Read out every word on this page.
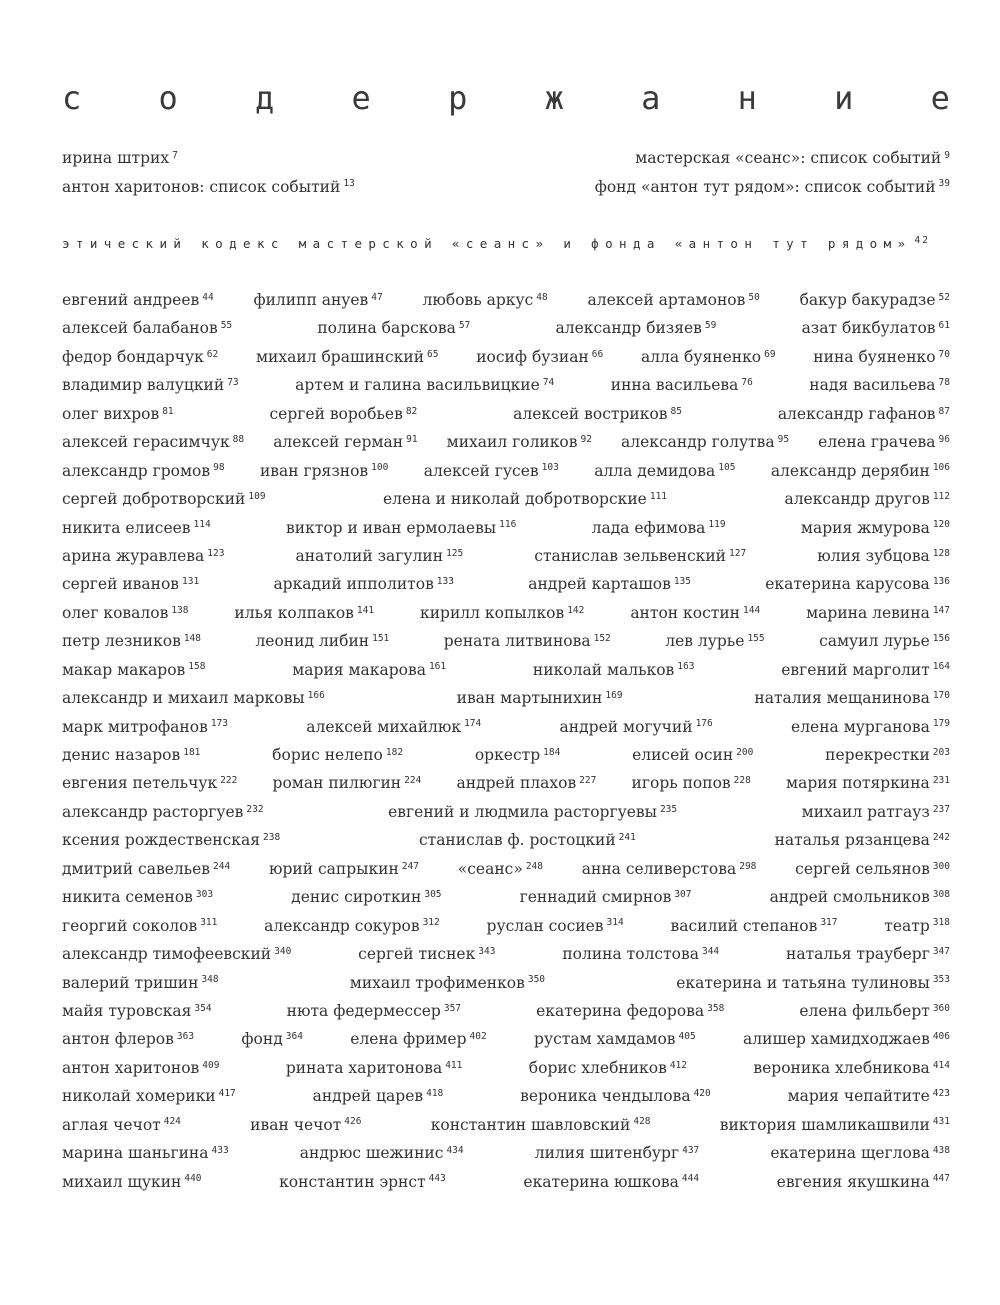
с о д е р ж а н и е
ирина штрих $^7$	мастерская «сеанс»: список событий $^9$
антон харитонов: список событий $^{13}$	фонд «антон тут рядом»: список событий $^{39}$
этический кодекс мастерской «сеанс» и фонда «антон тут рядом» $^{42}$
евгений андреев $^{44}$	филипп ануев $^{47}$	любовь аркус $^{48}$	алексей артамонов $^{50}$	бакур бакурадзе $^{52}$
алексей балабанов $^{55}$	полина барскова $^{57}$	александр бизяев $^{59}$	азат бикбулатов $^{61}$
федор бондарчук $^{62}$ михаил брашинский $^{65}$ иосиф бузиан $^{66}$ алла буяненко $^{69}$ нина буяненко $^{70}$
владимир валуцкий $^{73}$	артем и галина васильвицкие $^{74}$	инна васильева $^{76}$	надя васильева $^{78}$
олег вихров $^{81}$	сергей воробьев $^{82}$	алексей востриков $^{85}$	александр гафанов $^{87}$
алексей герасимчук $^{88}$ алексей герман $^{91}$ михаил голиков $^{92}$ александр голутва $^{95}$ елена грачева $^{96}$
александр громов $^{98}$ иван грязнов $^{100}$ алексей гусев $^{103}$ алла демидова $^{105}$ александр дерябин $^{106}$
сергей добротворский $^{109}$	елена и николай добротворские $^{111}$	александр другов $^{112}$
никита елисеев $^{114}$	виктор и иван ермолаевы $^{116}$	лада ефимова $^{119}$	мария жмурова $^{120}$
арина журавлева $^{123}$	анатолий загулин $^{125}$	станислав зельвенский $^{127}$	юлия зубцова $^{128}$
сергей иванов $^{131}$	аркадий ипполитов $^{133}$	андрей карташов $^{135}$	екатерина карусова $^{136}$
олег ковалов $^{138}$	илья колпаков $^{141}$	кирилл копылков $^{142}$	антон костин $^{144}$	марина левина $^{147}$
петр лезников $^{148}$	леонид либин $^{151}$	рената литвинова $^{152}$	лев лурье $^{155}$	самуил лурье $^{156}$
макар макаров $^{158}$	мария макарова $^{161}$	николай мальков $^{163}$	евгений марголит $^{164}$
александр и михаил марковы $^{166}$	иван мартынихин $^{169}$	наталия мещанинова $^{170}$
марк митрофанов $^{173}$	алексей михайлюк $^{174}$	андрей могучий $^{176}$	елена мурганова $^{179}$
денис назаров $^{181}$	борис нелепо $^{182}$	оркестр $^{184}$	елисей осин $^{200}$	перекрестки $^{203}$
евгения петельчук $^{222}$ роман пилюгин $^{224}$ андрей плахов $^{227}$ игорь попов $^{228}$ мария потяркина $^{231}$
александр расторгуев $^{232}$	евгений и людмила расторгуевы $^{235}$	михаил ратгауз $^{237}$
ксения рождественская $^{238}$	станислав ф. ростоцкий $^{241}$	наталья рязанцева $^{242}$
дмитрий савельев $^{244}$	юрий сапрыкин $^{247}$	«сеанс» $^{248}$	анна селиверстова $^{298}$	сергей сельянов $^{300}$
никита семенов $^{303}$	денис сироткин $^{305}$	геннадий смирнов $^{307}$	андрей смольников $^{308}$
георгий соколов $^{311}$	александр сокуров $^{312}$	руслан сосиев $^{314}$	василий степанов $^{317}$	театр $^{318}$
александр тимофеевский $^{340}$	сергей тиснек $^{343}$	полина толстова $^{344}$	наталья трауберг $^{347}$
валерий тришин $^{348}$	михаил трофименков $^{350}$	екатерина и татьяна тулиновы $^{353}$
майя туровская $^{354}$	нюта федермессер $^{357}$	екатерина федорова $^{358}$	елена фильберт $^{360}$
антон флеров $^{363}$	фонд $^{364}$	елена фример $^{402}$	рустам хамдамов $^{405}$	алишер хамидходжаев $^{406}$
антон харитонов $^{409}$	рината харитонова $^{411}$	борис хлебников $^{412}$	вероника хлебникова $^{414}$
николай хомерики $^{417}$	андрей царев $^{418}$	вероника чендылова $^{420}$	мария чепайтите $^{423}$
аглая чечот $^{424}$	иван чечот $^{426}$	константин шавловский $^{428}$	виктория шамликашвили $^{431}$
марина шаньгина $^{433}$	андрюс шежинис $^{434}$	лилия шитенбург $^{437}$	екатерина щеглова $^{438}$
михаил щукин $^{440}$	константин эрнст $^{443}$	екатерина юшкова $^{444}$	евгения якушкина $^{447}$
